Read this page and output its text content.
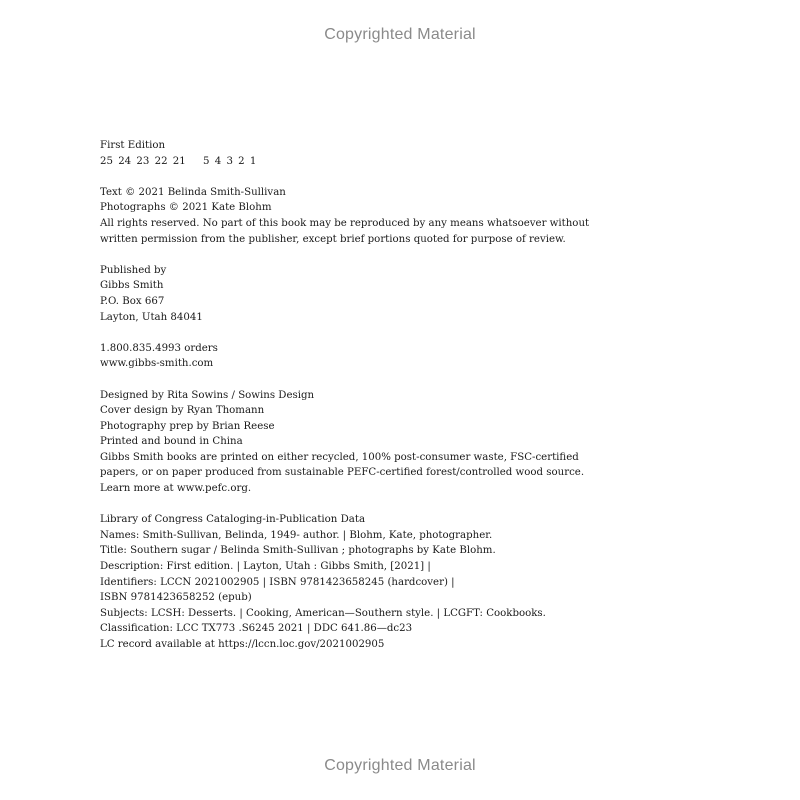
Copyrighted Material
First Edition
25 24 23 22 21	5 4 3 2 1
Text © 2021 Belinda Smith-Sullivan
Photographs © 2021 Kate Blohm
All rights reserved. No part of this book may be reproduced by any means whatsoever without
written permission from the publisher, except brief portions quoted for purpose of review.
Published by
Gibbs Smith
P.O. Box 667
Layton, Utah 84041
1.800.835.4993 orders
www.gibbs-smith.com
Designed by Rita Sowins / Sowins Design
Cover design by Ryan Thomann
Photography prep by Brian Reese
Printed and bound in China
Gibbs Smith books are printed on either recycled, 100% post-consumer waste, FSC-certified
papers, or on paper produced from sustainable PEFC-certified forest/controlled wood source.
Learn more at www.pefc.org.
Library of Congress Cataloging-in-Publication Data
Names: Smith-Sullivan, Belinda, 1949- author. | Blohm, Kate, photographer.
Title: Southern sugar / Belinda Smith-Sullivan ; photographs by Kate Blohm.
Description: First edition. | Layton, Utah : Gibbs Smith, [2021] |
Identifiers: LCCN 2021002905 | ISBN 9781423658245 (hardcover) |
ISBN 9781423658252 (epub)
Subjects: LCSH: Desserts. | Cooking, American—Southern style. | LCGFT: Cookbooks.
Classification: LCC TX773 .S6245 2021 | DDC 641.86—dc23
LC record available at https://lccn.loc.gov/2021002905
Copyrighted Material
